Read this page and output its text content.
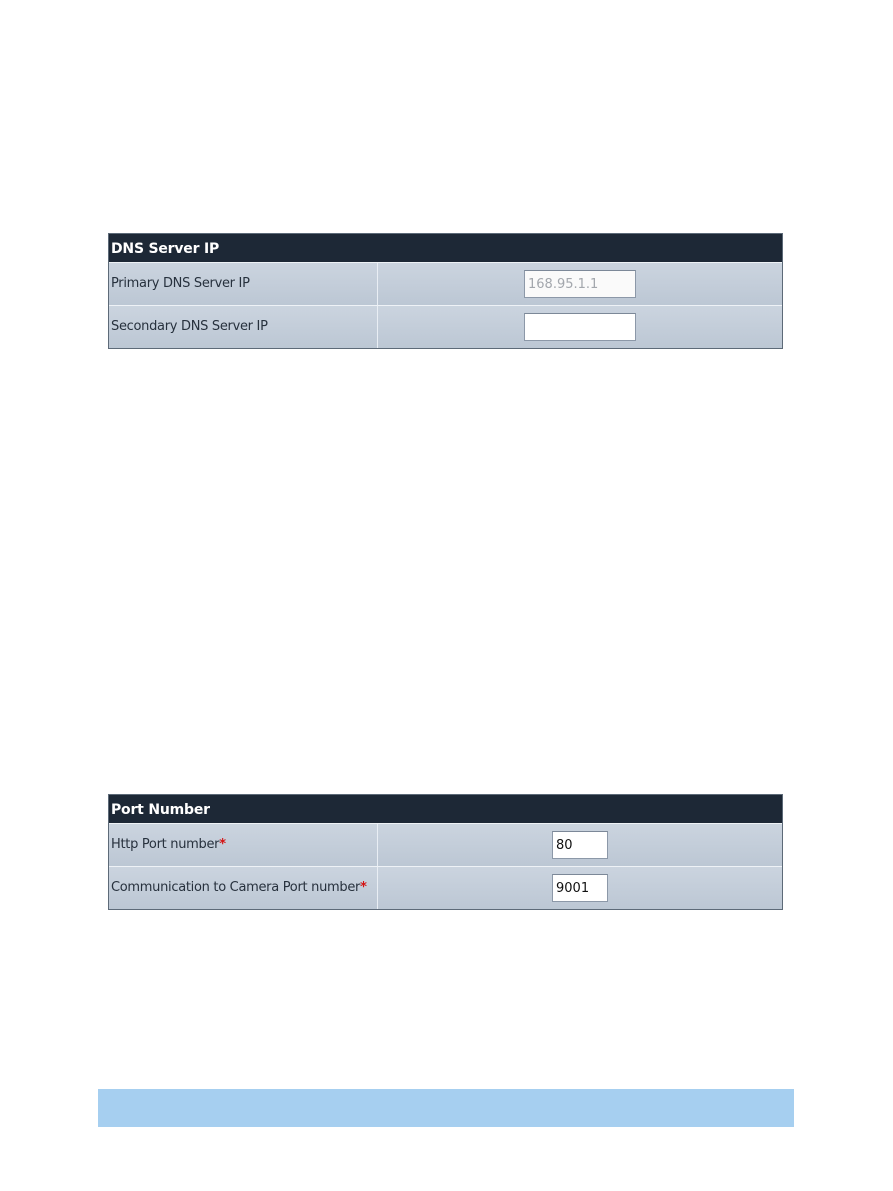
DNS Server IP
Primary DNS Server IP
168.95.1.1
Secondary DNS Server IP
Port Number
Http Port number*
80
Communication to Camera Port number*
9001
